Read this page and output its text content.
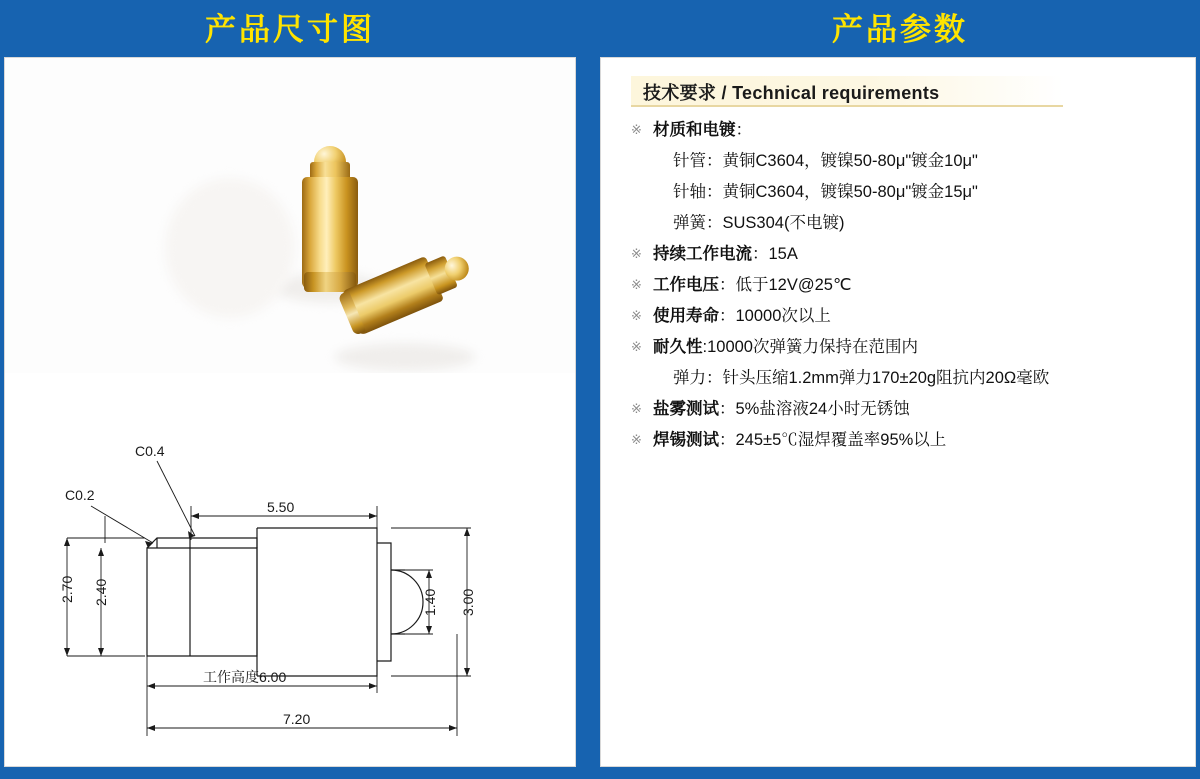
产品尺寸图	产品参数
C0.4
C0.2
5.50
2.70 2.40	1.40 3.00
工作高度6.00
7.20
技术要求 / Technical requirements
※ 材质和电镀：
针管：黄铜C3604，镀镍50-80μ"镀金10μ"
针轴：黄铜C3604，镀镍50-80μ"镀金15μ"
弹簧：SUS304(不电镀)
※ 持续工作电流：15A
※ 工作电压：低于12V@25℃
※ 使用寿命：10000次以上
※ 耐久性:10000次弹簧力保持在范围内
弹力：针头压缩1.2mm弹力170±20g阻抗内20Ω毫欧
※ 盐雾测试：5%盐溶液24小时无锈蚀
※ 焊锡测试：245±5℃湿焊覆盖率95%以上
